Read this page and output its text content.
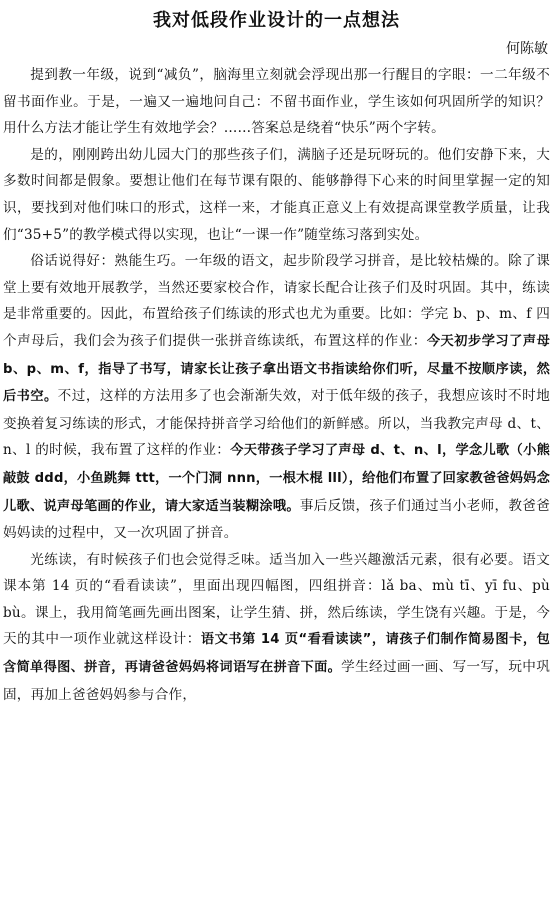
我对低段作业设计的一点想法

何陈敏

提到教一年级，说到“减负”，脑海里立刻就会浮现出那一行醒目的字眼：一二年级不留书面作业。于是，一遍又一遍地问自己：不留书面作业，学生该如何巩固所学的知识？用什么方法才能让学生有效地学会？……答案总是绕着“快乐”两个字转。

是的，刚刚跨出幼儿园大门的那些孩子们，满脑子还是玩呀玩的。他们安静下来，大多数时间都是假象。要想让他们在每节课有限的、能够静得下心来的时间里掌握一定的知识，要找到对他们味口的形式，这样一来，才能真正意义上有效提高课堂教学质量，让我们“35+5”的教学模式得以实现，也让“一课一作”随堂练习落到实处。

俗话说得好：熟能生巧。一年级的语文，起步阶段学习拼音，是比较枯燥的。除了课堂上要有效地开展教学，当然还要家校合作，请家长配合让孩子们及时巩固。其中，练读是非常重要的。因此，布置给孩子们练读的形式也尤为重要。比如：学完 b、p、m、f 四个声母后，我们会为孩子们提供一张拼音练读纸，布置这样的作业：今天初步学习了声母 b、p、m、f，指导了书写，请家长让孩子拿出语文书指读给你们听，尽量不按顺序读，然后书空。不过，这样的方法用多了也会渐渐失效，对于低年级的孩子，我想应该时不时地变换着复习练读的形式，才能保持拼音学习给他们的新鲜感。所以，当我教完声母 d、t、n、l 的时候，我布置了这样的作业：今天带孩子学习了声母 d、t、n、l，学念儿歌（小熊敲鼓 ddd，小鱼跳舞 ttt，一个门洞 nnn，一根木棍 lll），给他们布置了回家教爸爸妈妈念儿歌、说声母笔画的作业，请大家适当装糊涂哦。事后反馈，孩子们通过当小老师，教爸爸妈妈读的过程中，又一次巩固了拼音。

光练读，有时候孩子们也会觉得乏味。适当加入一些兴趣激活元素，很有必要。语文课本第 14 页的“看看读读”，里面出现四幅图，四组拼音：lǎ ba、mù tī、yī fu、pù bù。课上，我用简笔画先画出图案，让学生猜、拼，然后练读，学生饶有兴趣。于是，今天的其中一项作业就这样设计：语文书第 14 页“看看读读”，请孩子们制作简易图卡，包含简单得图、拼音，再请爸爸妈妈将词语写在拼音下面。学生经过画一画、写一写，玩中巩固，再加上爸爸妈妈参与合作，
